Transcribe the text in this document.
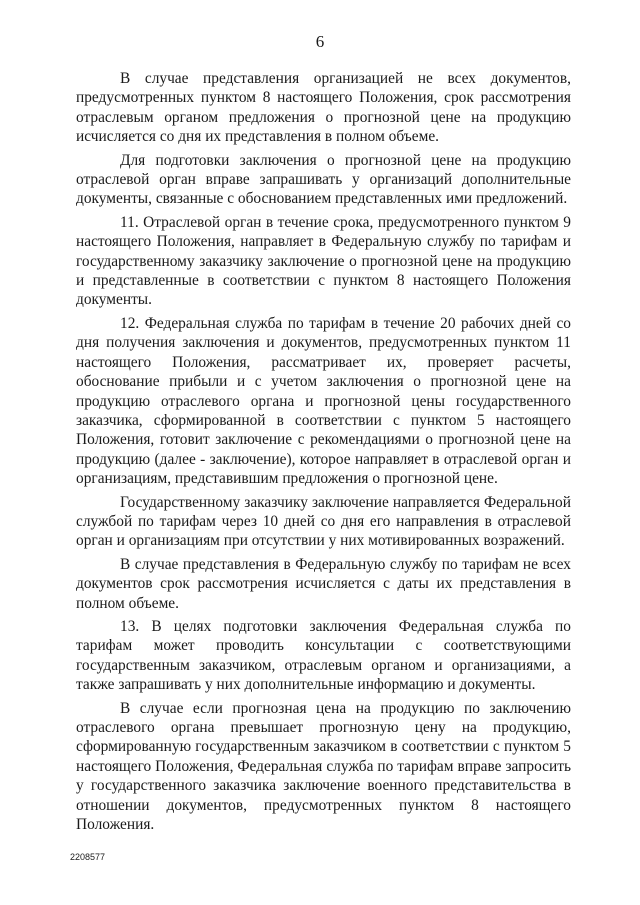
6

В случае представления организацией не всех документов, предусмотренных пунктом 8 настоящего Положения, срок рассмотрения отраслевым органом предложения о прогнозной цене на продукцию исчисляется со дня их представления в полном объеме.

Для подготовки заключения о прогнозной цене на продукцию отраслевой орган вправе запрашивать у организаций дополнительные документы, связанные с обоснованием представленных ими предложений.

11. Отраслевой орган в течение срока, предусмотренного пунктом 9 настоящего Положения, направляет в Федеральную службу по тарифам и государственному заказчику заключение о прогнозной цене на продукцию и представленные в соответствии с пунктом 8 настоящего Положения документы.

12. Федеральная служба по тарифам в течение 20 рабочих дней со дня получения заключения и документов, предусмотренных пунктом 11 настоящего Положения, рассматривает их, проверяет расчеты, обоснование прибыли и с учетом заключения о прогнозной цене на продукцию отраслевого органа и прогнозной цены государственного заказчика, сформированной в соответствии с пунктом 5 настоящего Положения, готовит заключение с рекомендациями о прогнозной цене на продукцию (далее - заключение), которое направляет в отраслевой орган и организациям, представившим предложения о прогнозной цене.

Государственному заказчику заключение направляется Федеральной службой по тарифам через 10 дней со дня его направления в отраслевой орган и организациям при отсутствии у них мотивированных возражений.

В случае представления в Федеральную службу по тарифам не всех документов срок рассмотрения исчисляется с даты их представления в полном объеме.

13. В целях подготовки заключения Федеральная служба по тарифам может проводить консультации с соответствующими государственным заказчиком, отраслевым органом и организациями, а также запрашивать у них дополнительные информацию и документы.

В случае если прогнозная цена на продукцию по заключению отраслевого органа превышает прогнозную цену на продукцию, сформированную государственным заказчиком в соответствии с пунктом 5 настоящего Положения, Федеральная служба по тарифам вправе запросить у государственного заказчика заключение военного представительства в отношении документов, предусмотренных пунктом 8 настоящего Положения.

2208577
